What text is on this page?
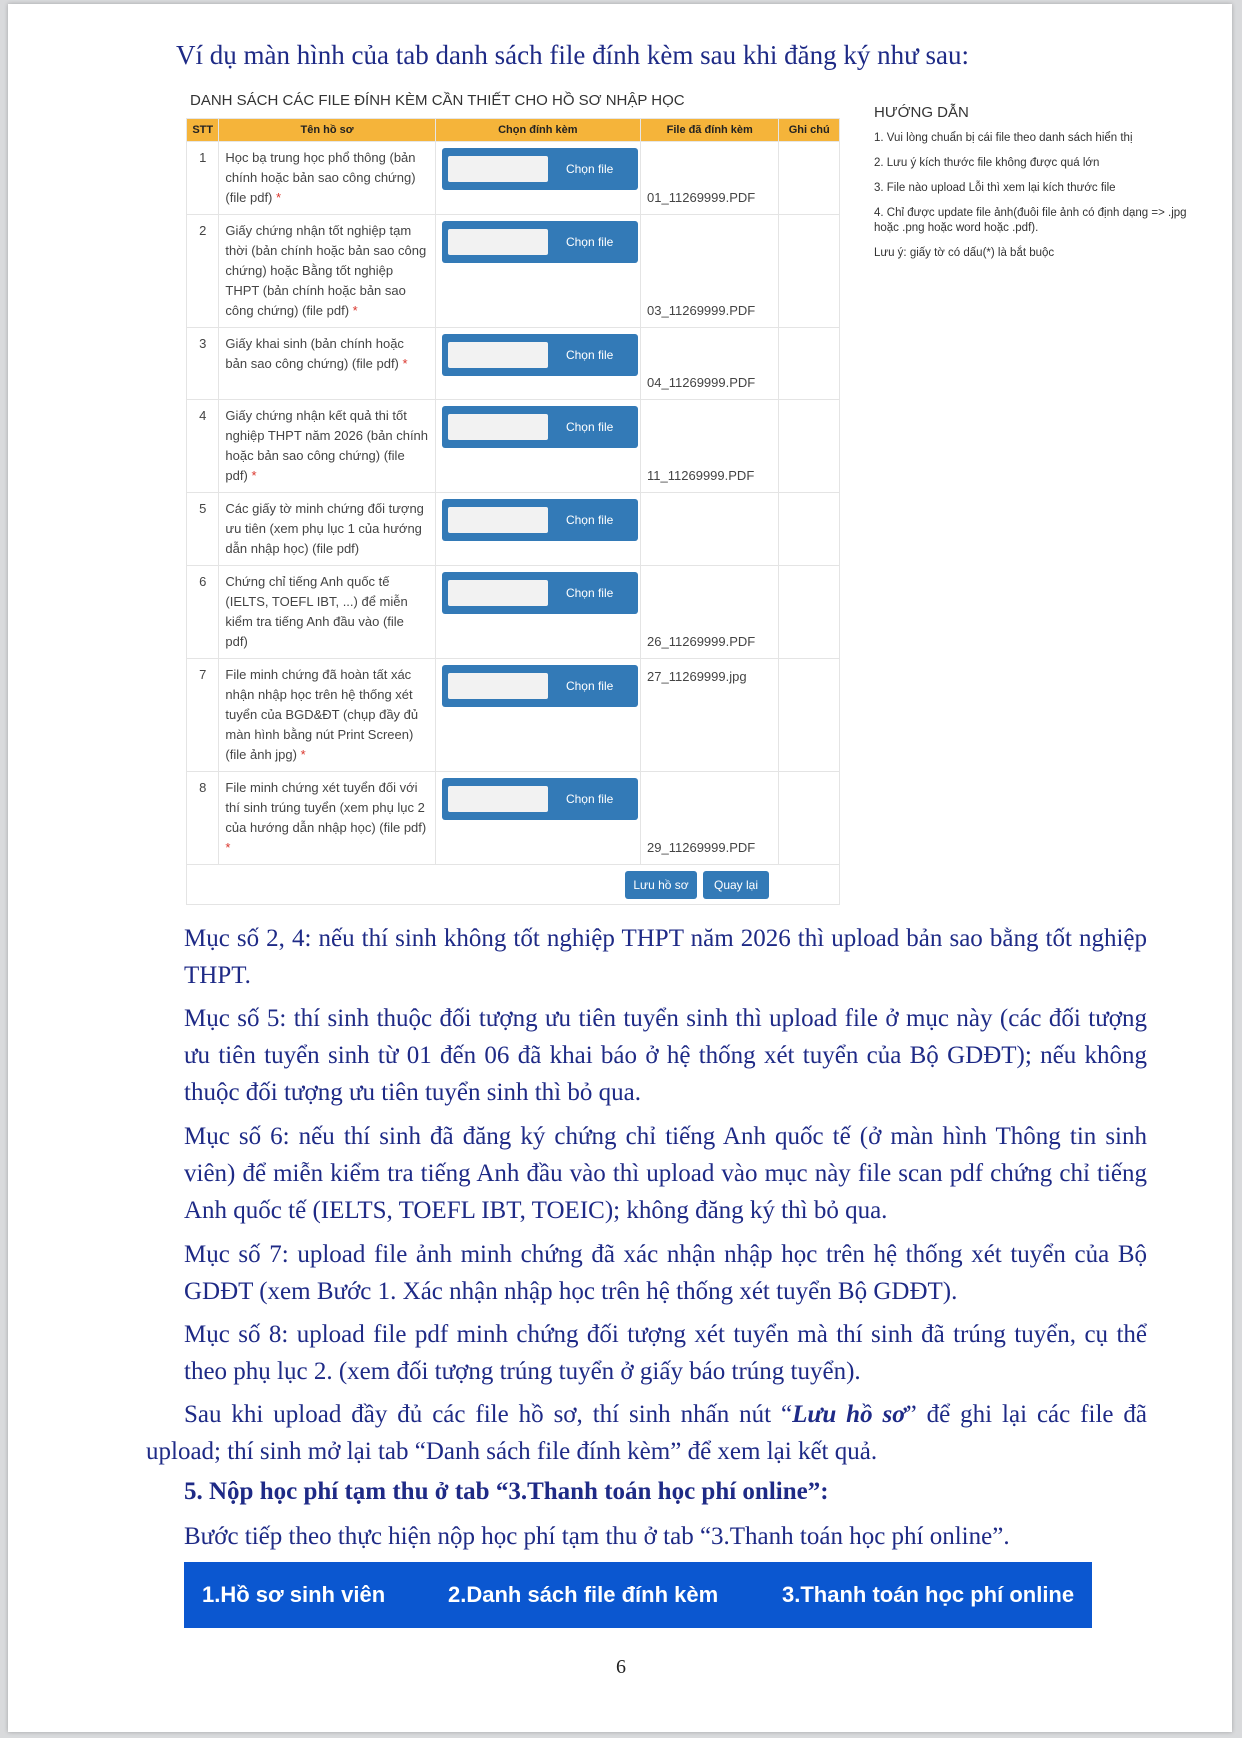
Ví dụ màn hình của tab danh sách file đính kèm sau khi đăng ký như sau:
DANH SÁCH CÁC FILE ĐÍNH KÈM CẦN THIẾT CHO HỒ SƠ NHẬP HỌC
STT	Tên hồ sơ	Chọn đính kèm	File đã đính kèm	Ghi chú
1	Học bạ trung học phổ thông (bản chính hoặc bản sao công chứng) (file pdf) *	Chọn file	01_11269999.PDF	
2	Giấy chứng nhận tốt nghiệp tạm thời (bản chính hoặc bản sao công chứng) hoặc Bằng tốt nghiệp THPT (bản chính hoặc bản sao công chứng) (file pdf) *	Chọn file	03_11269999.PDF	
3	Giấy khai sinh (bản chính hoặc bản sao công chứng) (file pdf) *	Chọn file	04_11269999.PDF	
4	Giấy chứng nhận kết quả thi tốt nghiệp THPT năm 2026 (bản chính hoặc bản sao công chứng) (file pdf) *	Chọn file	11_11269999.PDF	
5	Các giấy tờ minh chứng đối tượng ưu tiên (xem phụ lục 1 của hướng dẫn nhập học) (file pdf)	Chọn file		

6	Chứng chỉ tiếng Anh quốc tế (IELTS, TOEFL IBT, ...) để miễn kiểm tra tiếng Anh đầu vào (file pdf)	Chọn file	26_11269999.PDF	
7	File minh chứng đã hoàn tất xác nhận nhập học trên hệ thống xét tuyển của BGD&ĐT (chụp đầy đủ màn hình bằng nút Print Screen) (file ảnh jpg) *	Chọn file	27_11269999.jpg	
8	File minh chứng xét tuyển đối với thí sinh trúng tuyển (xem phụ lục 2 của hướng dẫn nhập học) (file pdf) *	Chọn file	29_11269999.PDF	
Lưu hồ sơ	Quay lại
HƯỚNG DẪN

1. Vui lòng chuẩn bị cái file theo danh sách hiển thị

2. Lưu ý kích thước file không được quá lớn

3. File nào upload Lỗi thì xem lại kích thước file

4. Chỉ được update file ảnh(đuôi file ảnh có định dạng => .jpg hoặc .png hoặc word hoặc .pdf).

Lưu ý: giấy tờ có dấu(*) là bắt buộc

Mục số 2, 4: nếu thí sinh không tốt nghiệp THPT năm 2026 thì upload bản sao bằng tốt nghiệp THPT.
Mục số 5: thí sinh thuộc đối tượng ưu tiên tuyển sinh thì upload file ở mục này (các đối tượng ưu tiên tuyển sinh từ 01 đến 06 đã khai báo ở hệ thống xét tuyển của Bộ GDĐT); nếu không thuộc đối tượng ưu tiên tuyển sinh thì bỏ qua.
Mục số 6: nếu thí sinh đã đăng ký chứng chỉ tiếng Anh quốc tế (ở màn hình Thông tin sinh viên) để miễn kiểm tra tiếng Anh đầu vào thì upload vào mục này file scan pdf chứng chỉ tiếng Anh quốc tế (IELTS, TOEFL IBT, TOEIC); không đăng ký thì bỏ qua.
Mục số 7: upload file ảnh minh chứng đã xác nhận nhập học trên hệ thống xét tuyển của Bộ GDĐT (xem Bước 1. Xác nhận nhập học trên hệ thống xét tuyển Bộ GDĐT).
Mục số 8: upload file pdf minh chứng đối tượng xét tuyển mà thí sinh đã trúng tuyển, cụ thể theo phụ lục 2. (xem đối tượng trúng tuyển ở giấy báo trúng tuyển).
Sau khi upload đầy đủ các file hồ sơ, thí sinh nhấn nút “Lưu hồ sơ” để ghi lại các file đã upload; thí sinh mở lại tab “Danh sách file đính kèm” để xem lại kết quả.
5. Nộp học phí tạm thu ở tab “3.Thanh toán học phí online”:
Bước tiếp theo thực hiện nộp học phí tạm thu ở tab “3.Thanh toán học phí online”.
1.Hồ sơ sinh viên	2.Danh sách file đính kèm	3.Thanh toán học phí online
6
